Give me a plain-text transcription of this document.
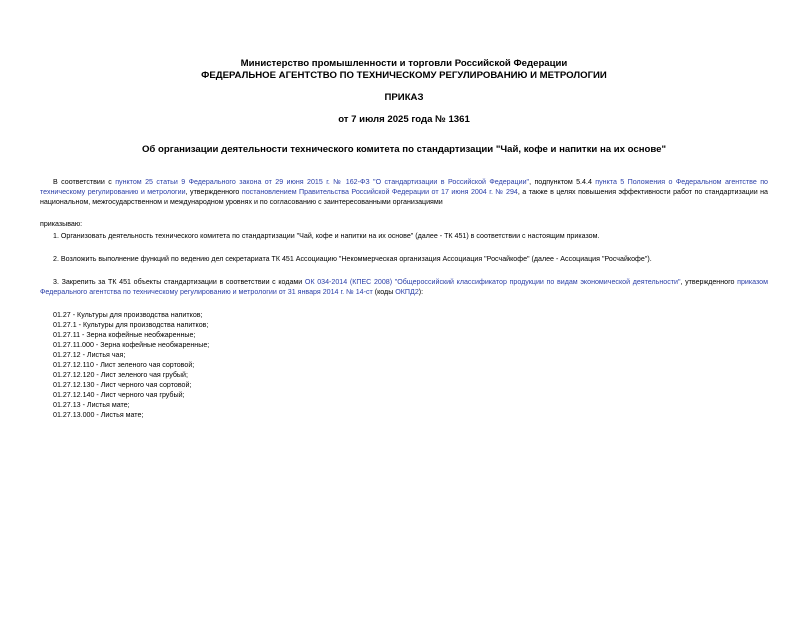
Министерство промышленности и торговли Российской Федерации
ФЕДЕРАЛЬНОЕ АГЕНТСТВО ПО ТЕХНИЧЕСКОМУ РЕГУЛИРОВАНИЮ И МЕТРОЛОГИИ
ПРИКАЗ
от 7 июля 2025 года № 1361
Об организации деятельности технического комитета по стандартизации "Чай, кофе и напитки на их основе"

В соответствии с пунктом 25 статьи 9 Федерального закона от 29 июня 2015 г. № 162-ФЗ "О стандартизации в Российской Федерации", подпунктом 5.4.4 пункта 5 Положения о Федеральном агентстве по техническому регулированию и метрологии, утвержденного постановлением Правительства Российской Федерации от 17 июня 2004 г. № 294, а также в целях повышения эффективности работ по стандартизации на национальном, межгосударственном и международном уровнях и по согласованию с заинтересованными организациями

приказываю:

1. Организовать деятельность технического комитета по стандартизации "Чай, кофе и напитки на их основе" (далее - ТК 451) в соответствии с настоящим приказом.

2. Возложить выполнение функций по ведению дел секретариата ТК 451 Ассоциацию "Некоммерческая организация Ассоциация "Росчайкофе" (далее - Ассоциация "Росчайкофе").

3. Закрепить за ТК 451 объекты стандартизации в соответствии с кодами ОК 034-2014 (КПЕС 2008) "Общероссийский классификатор продукции по видам экономической деятельности", утвержденного приказом Федерального агентства по техническому регулированию и метрологии от 31 января 2014 г. № 14-ст (коды ОКПД2):

01.27 - Культуры для производства напитков;

01.27.1 - Культуры для производства напитков;

01.27.11 - Зерна кофейные необжаренные;

01.27.11.000 - Зерна кофейные необжаренные;

01.27.12 - Листья чая;

01.27.12.110 - Лист зеленого чая сортовой;

01.27.12.120 - Лист зеленого чая грубый;

01.27.12.130 - Лист черного чая сортовой;

01.27.12.140 - Лист черного чая грубый;

01.27.13 - Листья мате;

01.27.13.000 - Листья мате;
